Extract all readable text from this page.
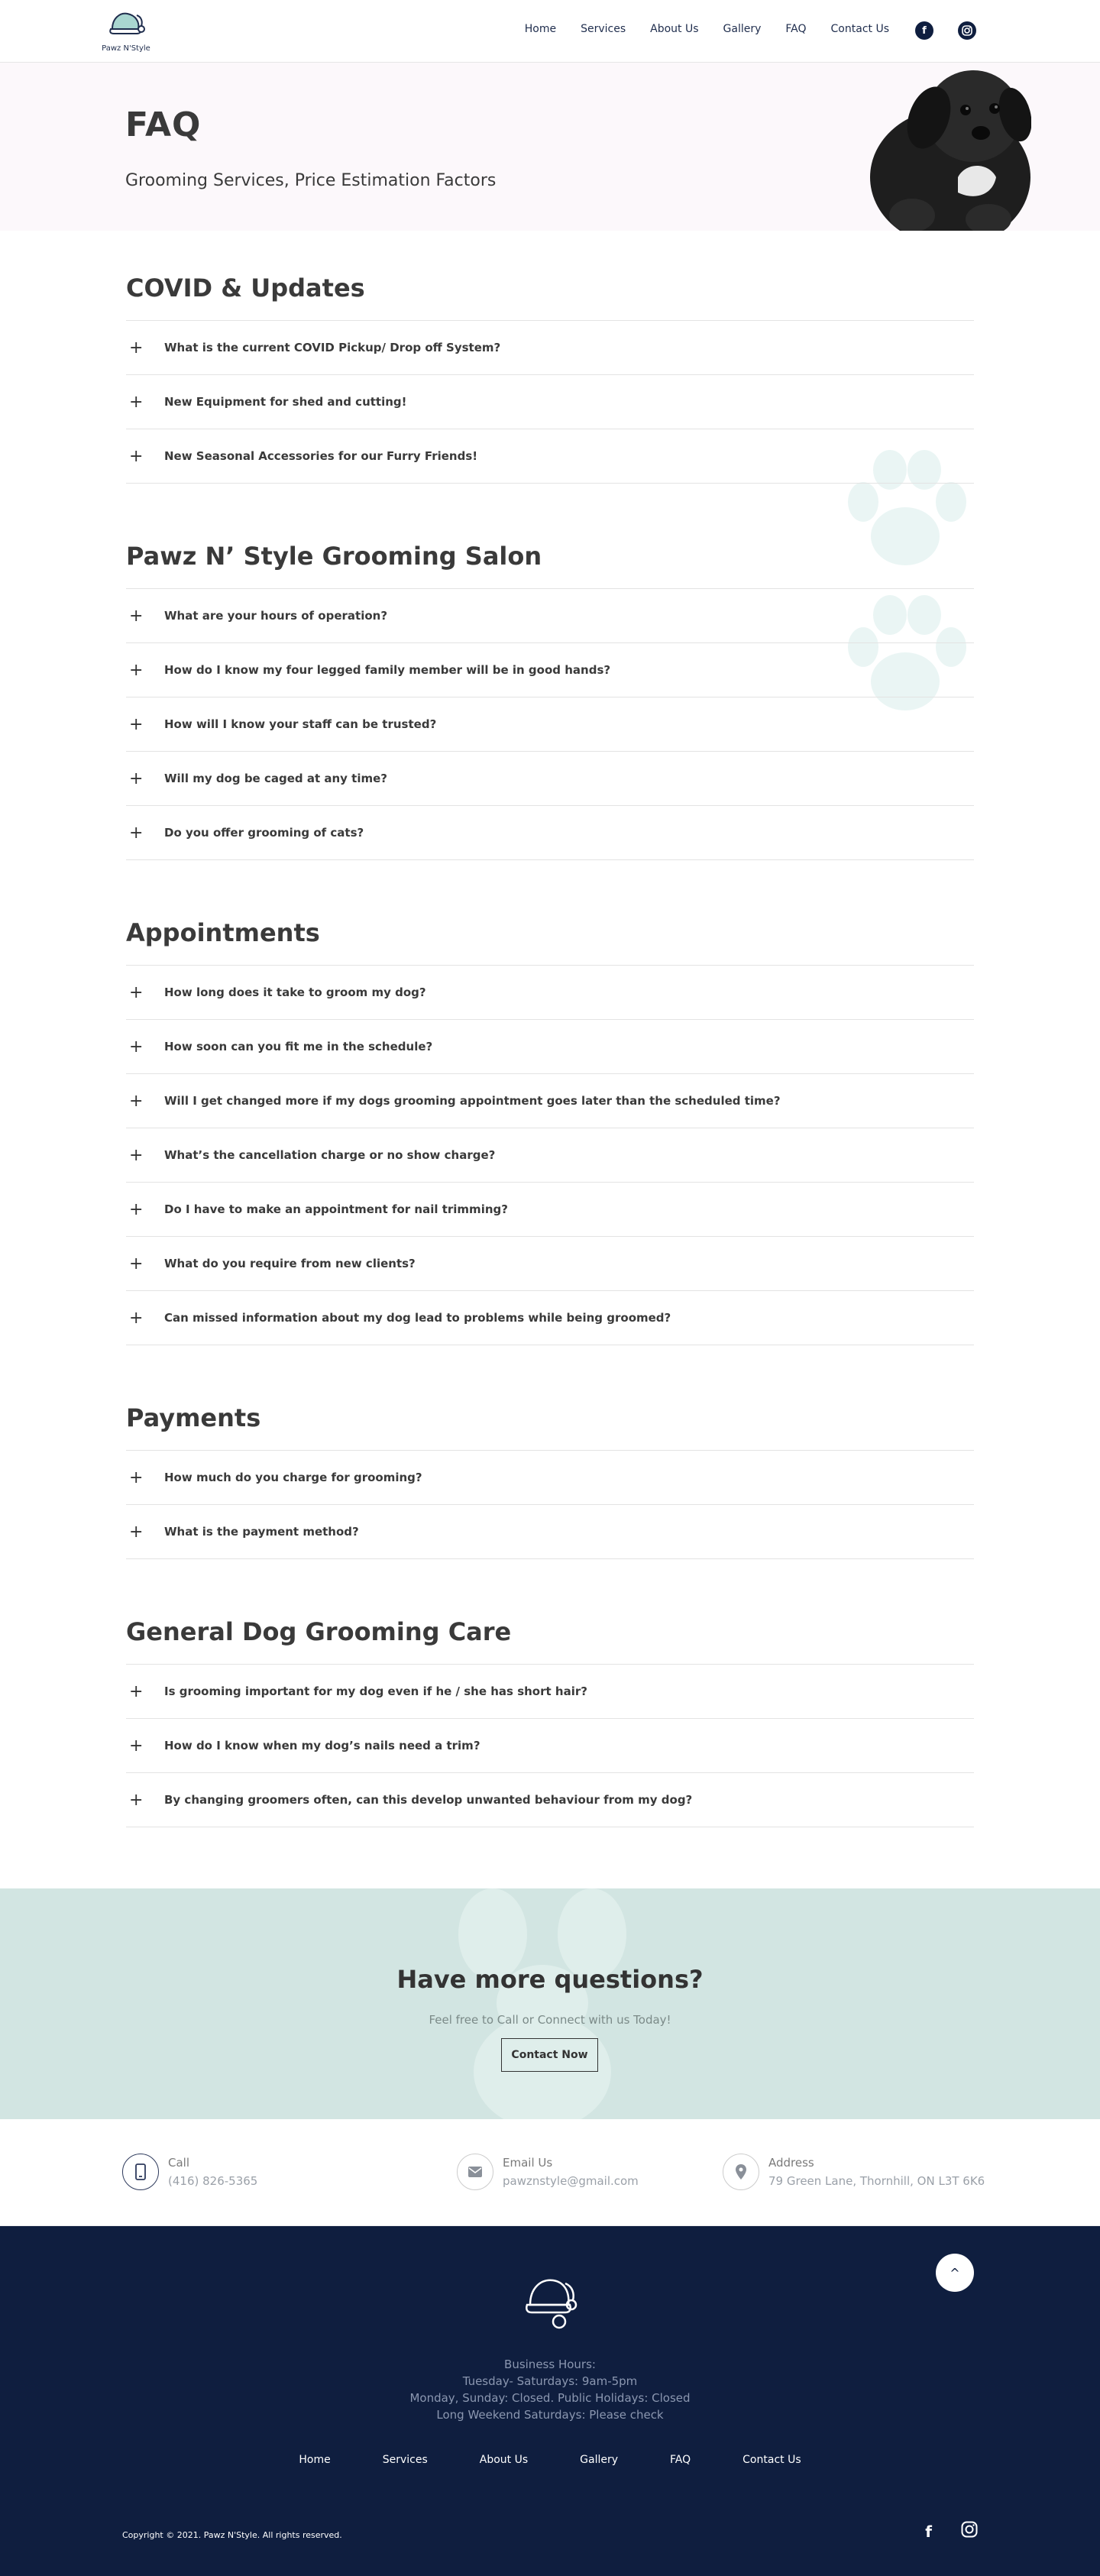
Pawz N'Style
Home Services About Us Gallery FAQ Contact Us	f
FAQ
Grooming Services, Price Estimation Factors
COVID & Updates
+	What is the current COVID Pickup/ Drop off System?
+	New Equipment for shed and cutting!
+	New Seasonal Accessories for our Furry Friends!
Pawz N’ Style Grooming Salon
+	What are your hours of operation?
+	How do I know my four legged family member will be in good hands?
+	How will I know your staff can be trusted?
+	Will my dog be caged at any time?
+	Do you offer grooming of cats?
Appointments
+	How long does it take to groom my dog?
+	How soon can you fit me in the schedule?
+	Will I get changed more if my dogs grooming appointment goes later than the scheduled time?
+	What’s the cancellation charge or no show charge?
+	Do I have to make an appointment for nail trimming?
+	What do you require from new clients?
+	Can missed information about my dog lead to problems while being groomed?
Payments
+	How much do you charge for grooming?
+	What is the payment method?
General Dog Grooming Care
+	Is grooming important for my dog even if he / she has short hair?
+	How do I know when my dog’s nails need a trim?
+	By changing groomers often, can this develop unwanted behaviour from my dog?
Have more questions?

Feel free to Call or Connect with us Today!

Contact Now
Call
(416) 826-5365
Email Us
pawznstyle@gmail.com
Address
79 Green Lane, Thornhill, ON L3T 6K6
^
Business Hours:
Tuesday- Saturdays: 9am-5pm
Monday, Sunday: Closed. Public Holidays: Closed
Long Weekend Saturdays: Please check
Home	Services	About Us	Gallery	FAQ	Contact Us
Copyright © 2021. Pawz N'Style. All rights reserved.	f
